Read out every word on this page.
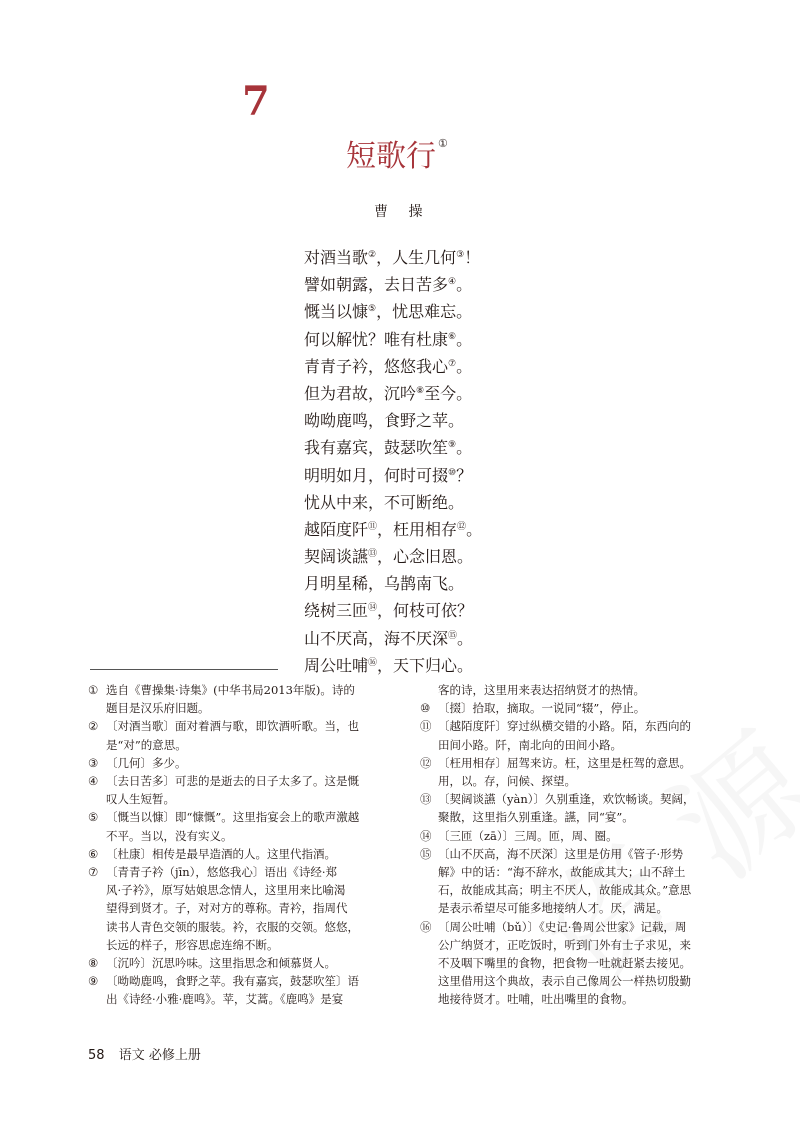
7
短歌行 ①
曹 操
对酒当歌②，人生几何③！
譬如朝露，去日苦多④。
慨当以慷⑤，忧思难忘。
何以解忧？唯有杜康⑥。
青青子衿，悠悠我心⑦。
但为君故，沉吟⑧至今。
呦呦鹿鸣，食野之苹。
我有嘉宾，鼓瑟吹笙⑨。
明明如月，何时可掇⑩？
忧从中来，不可断绝。
越陌度阡⑪，枉用相存⑫。
契阔谈讌⑬，心念旧恩。
月明星稀，乌鹊南飞。
绕树三匝⑭，何枝可依？
山不厌高，海不厌深⑮。
周公吐哺⑯，天下归心。
① 选自《曹操集·诗集》(中华书局2013年版)。诗的
题目是汉乐府旧题。
② 〔对酒当歌〕面对着酒与歌，即饮酒听歌。当，也
是“对”的意思。
③ 〔几何〕多少。
④ 〔去日苦多〕可悲的是逝去的日子太多了。这是慨
叹人生短暂。
⑤ 〔慨当以慷〕即“慷慨”。这里指宴会上的歌声激越
不平。当以，没有实义。
⑥ 〔杜康〕相传是最早造酒的人。这里代指酒。
⑦ 〔青青子衿（jīn），悠悠我心〕语出《诗经·郑
风·子衿》，原写姑娘思念情人，这里用来比喻渴
望得到贤才。子，对对方的尊称。青衿，指周代
读书人青色交领的服装。衿，衣服的交领。悠悠，
长远的样子，形容思虑连绵不断。
⑧ 〔沉吟〕沉思吟味。这里指思念和倾慕贤人。
⑨ 〔呦呦鹿鸣，食野之苹。我有嘉宾，鼓瑟吹笙〕语
出《诗经·小雅·鹿鸣》。苹，艾蒿。《鹿鸣》是宴
客的诗，这里用来表达招纳贤才的热情。
⑩ 〔掇〕拾取，摘取。一说同“辍”，停止。
⑪ 〔越陌度阡〕穿过纵横交错的小路。陌，东西向的
田间小路。阡，南北向的田间小路。
⑫ 〔枉用相存〕屈驾来访。枉，这里是枉驾的意思。
用，以。存，问候、探望。
⑬ 〔契阔谈讌（yàn）〕久别重逢，欢饮畅谈。契阔，
聚散，这里指久别重逢。讌，同“宴”。
⑭ 〔三匝（zā）〕三周。匝，周、圈。
⑮ 〔山不厌高，海不厌深〕这里是仿用《管子·形势
解》中的话：“海不辞水，故能成其大；山不辞土
石，故能成其高；明主不厌人，故能成其众。”意思
是表示希望尽可能多地接纳人才。厌，满足。
⑯ 〔周公吐哺（bǔ）〕《史记·鲁周公世家》记载，周
公广纳贤才，正吃饭时，听到门外有士子求见，来
不及咽下嘴里的食物，把食物一吐就赶紧去接见。
这里借用这个典故，表示自己像周公一样热切殷勤
地接待贤才。吐哺，吐出嘴里的食物。
58 语文 必修上册
